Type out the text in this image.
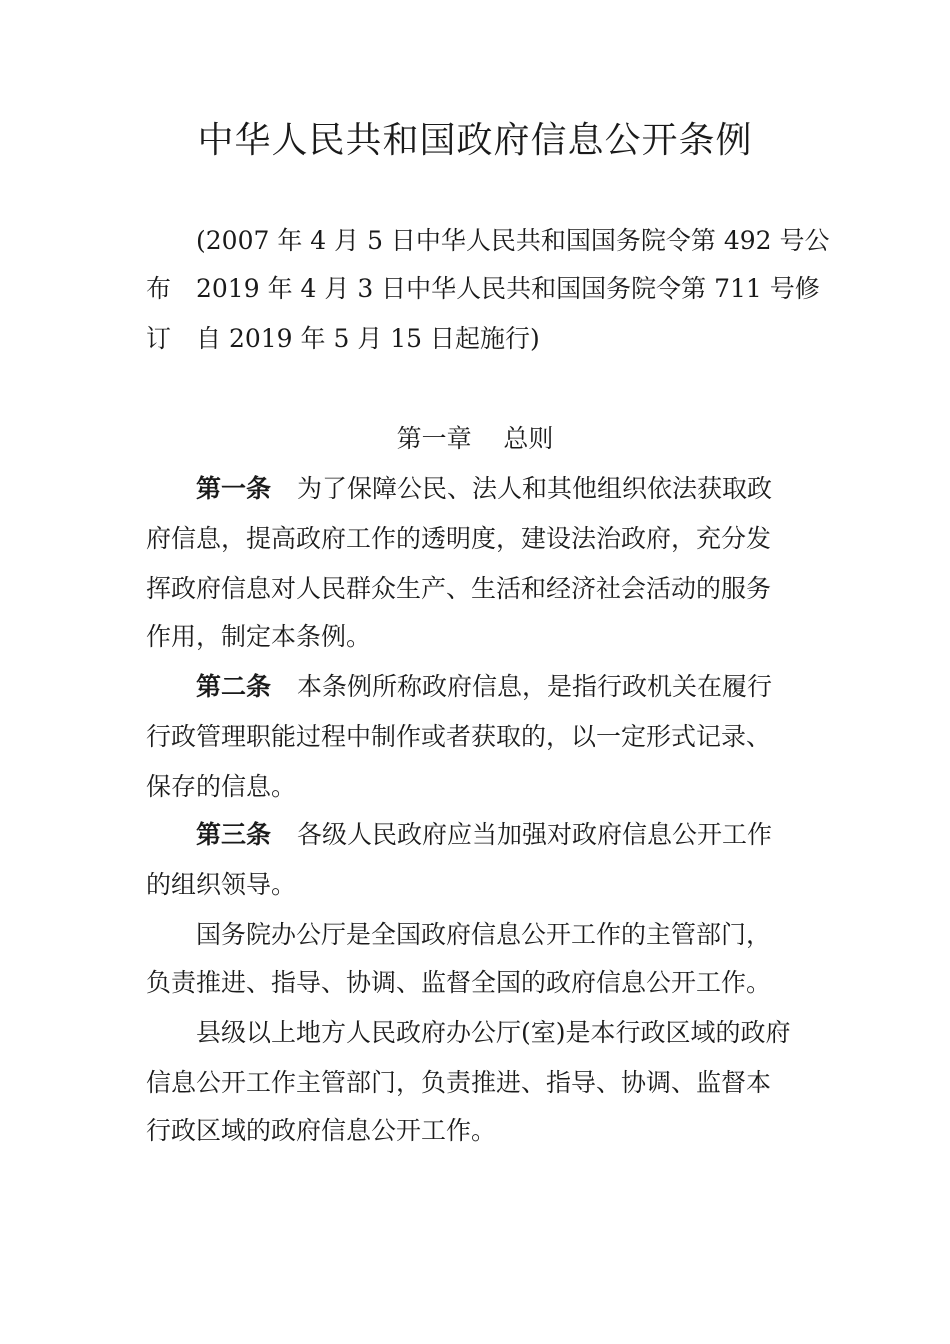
中华人民共和国政府信息公开条例
(2007 年 4 月 5 日中华人民共和国国务院令第 492 号公
布 2019 年 4 月 3 日中华人民共和国国务院令第 711 号修
订 自 2019 年 5 月 15 日起施行)
第一章    总则
第一条 为了保障公民、法人和其他组织依法获取政
府信息，提高政府工作的透明度，建设法治政府，充分发
挥政府信息对人民群众生产、生活和经济社会活动的服务
作用，制定本条例。
第二条 本条例所称政府信息，是指行政机关在履行
行政管理职能过程中制作或者获取的，以一定形式记录、
保存的信息。
第三条 各级人民政府应当加强对政府信息公开工作
的组织领导。
国务院办公厅是全国政府信息公开工作的主管部门，
负责推进、指导、协调、监督全国的政府信息公开工作。
县级以上地方人民政府办公厅(室)是本行政区域的政府
信息公开工作主管部门，负责推进、指导、协调、监督本
行政区域的政府信息公开工作。
